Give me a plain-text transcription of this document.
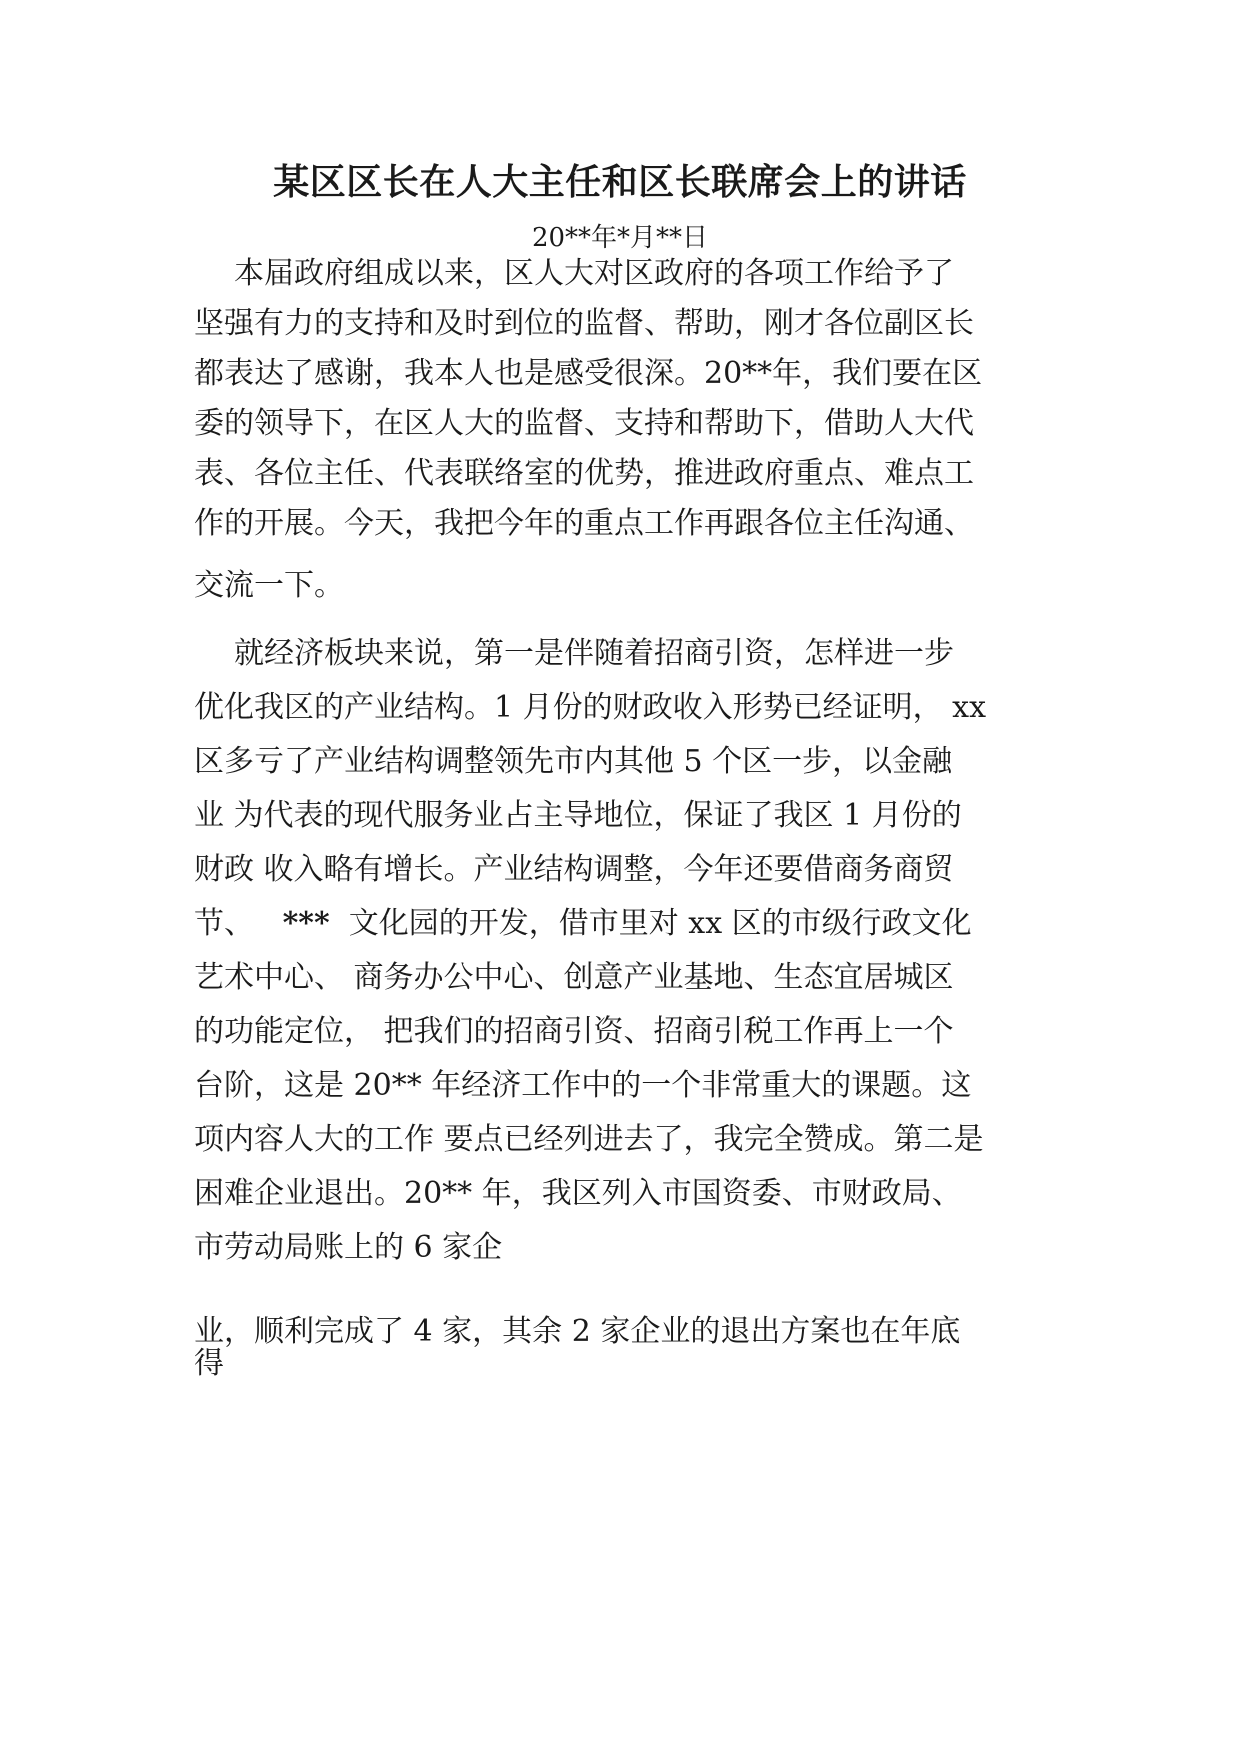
某区区长在人大主任和区长联席会上的讲话
20**年*月**日
本届政府组成以来，区人大对区政府的各项工作给予了
坚强有力的支持和及时到位的监督、帮助，刚才各位副区长
都表达了感谢，我本人也是感受很深。20**年，我们要在区
委的领导下，在区人大的监督、支持和帮助下，借助人大代
表、各位主任、代表联络室的优势，推进政府重点、难点工
作的开展。今天，我把今年的重点工作再跟各位主任沟通、
交流一下。
就经济板块来说，第一是伴随着招商引资，怎样进一步
优化我区的产业结构。1 月份的财政收入形势已经证明， xx
区多亏了产业结构调整领先市内其他 5 个区一步，以金融
业 为代表的现代服务业占主导地位，保证了我区 1 月份的
财政 收入略有增长。产业结构调整，今年还要借商务商贸
节、 *** 文化园的开发，借市里对 xx 区的市级行政文化
艺术中心、 商务办公中心、创意产业基地、生态宜居城区
的功能定位， 把我们的招商引资、招商引税工作再上一个
台阶，这是 20** 年经济工作中的一个非常重大的课题。这
项内容人大的工作 要点已经列进去了，我完全赞成。第二是
困难企业退出。20** 年，我区列入市国资委、市财政局、
市劳动局账上的 6 家企
业，顺利完成了 4 家，其余 2 家企业的退出方案也在年底
得
